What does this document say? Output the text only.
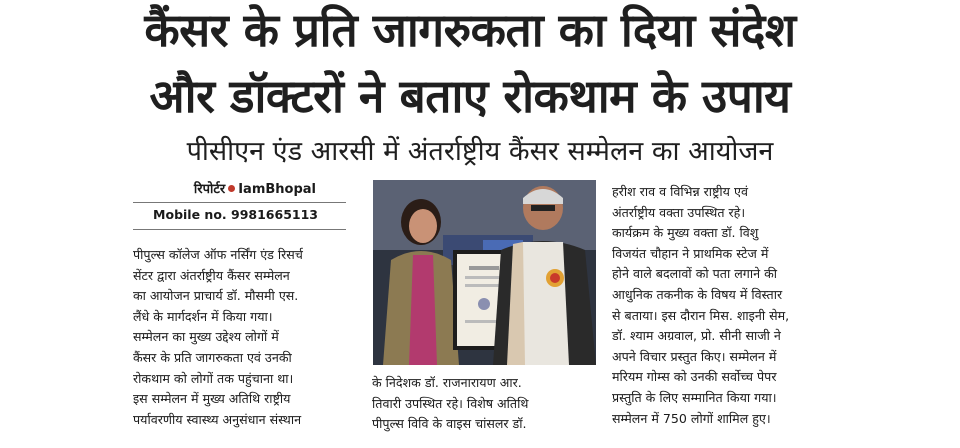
कैंसर के प्रति जागरुकता का दिया संदेश
और डॉक्टरों ने बताए रोकथाम के उपाय
पीसीएन एंड आरसी में अंतर्राष्ट्रीय कैंसर सम्मेलन का आयोजन
रिपोर्टर IamBhopal
Mobile no. 9981665113

पीपुल्स कॉलेज ऑफ नर्सिंग एंड रिसर्च

सेंटर द्वारा अंतर्राष्ट्रीय कैंसर सम्मेलन

का आयोजन प्राचार्य डॉ. मौसमी एस.

लैंधे के मार्गदर्शन में किया गया।

सम्मेलन का मुख्य उद्देश्य लोगों में

कैंसर के प्रति जागरुकता एवं उनकी

रोकथाम को लोगों तक पहुंचाना था।

इस सम्मेलन में मुख्य अतिथि राष्ट्रीय

पर्यावरणीय स्वास्थ्य अनुसंधान संस्थान

के निदेशक डॉ. राजनारायण आर.

तिवारी उपस्थित रहे। विशेष अतिथि

पीपुल्स विवि के वाइस चांसलर डॉ.

हरीश राव व विभिन्न राष्ट्रीय एवं

अंतर्राष्ट्रीय वक्ता उपस्थित रहे।

कार्यक्रम के मुख्य वक्ता डॉ. विशु

विजयंत चौहान ने प्राथमिक स्टेज में

होने वाले बदलावों को पता लगाने की

आधुनिक तकनीक के विषय में विस्तार

से बताया। इस दौरान मिस. शाइनी सेम,

डॉ. श्याम अग्रवाल, प्रो. सीनी साजी ने

अपने विचार प्रस्तुत किए। सम्मेलन में

मरियम गोम्स को उनकी सर्वोच्च पेपर

प्रस्तुति के लिए सम्मानित किया गया।

सम्मेलन में 750 लोगों शामिल हुए।
